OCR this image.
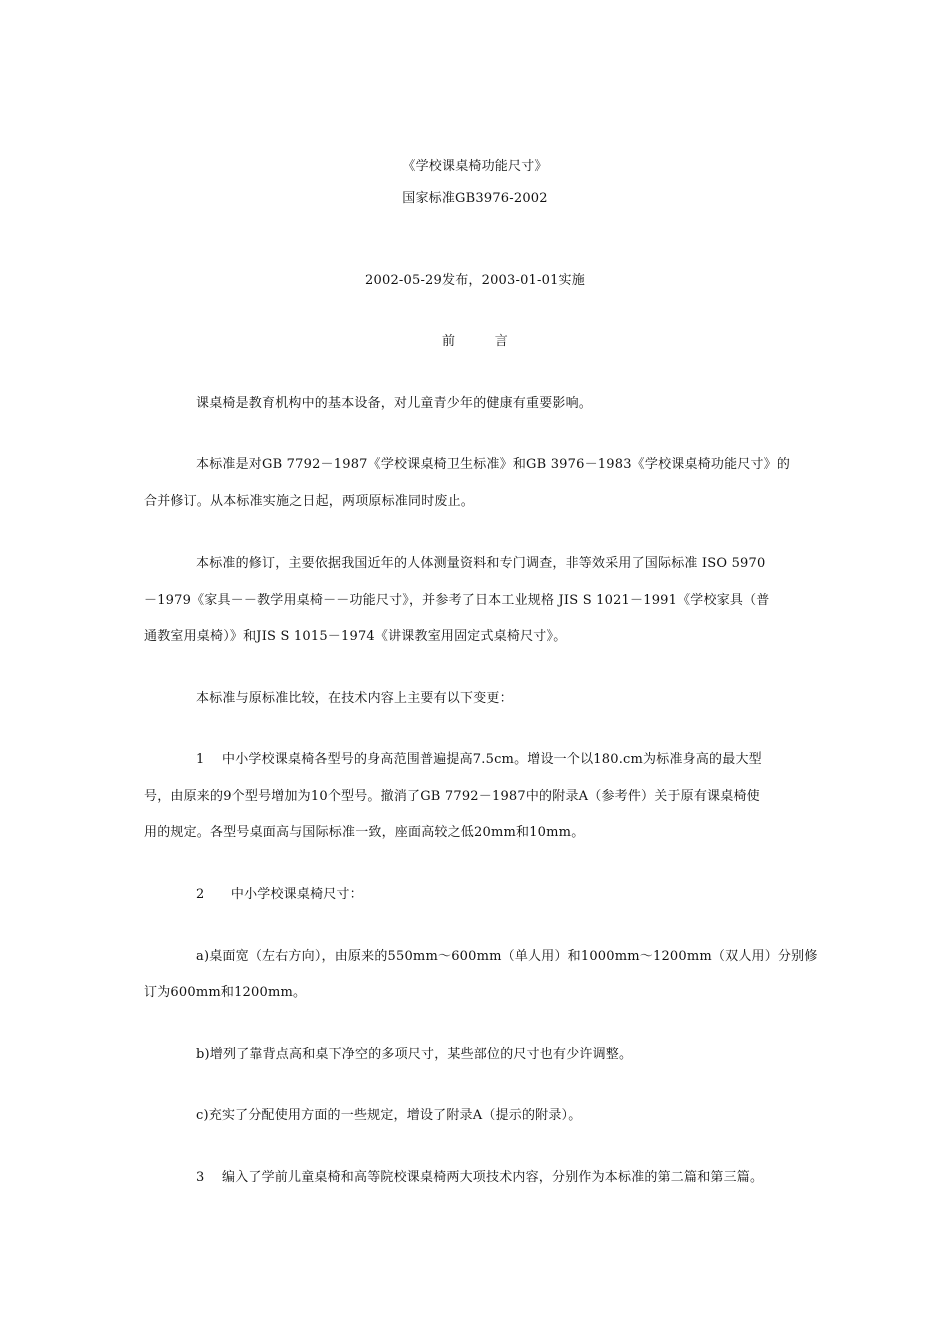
《学校课桌椅功能尺寸》
国家标准GB3976-2002
2002-05-29发布，2003-01-01实施
前　　　言
课桌椅是教育机构中的基本设备，对儿童青少年的健康有重要影响。
本标准是对GB 7792－1987《学校课桌椅卫生标准》和GB 3976－1983《学校课桌椅功能尺寸》的
合并修订。从本标准实施之日起，两项原标准同时废止。
本标准的修订，主要依据我国近年的人体测量资料和专门调查，非等效采用了国际标准 ISO 5970
－1979《家具－－教学用桌椅－－功能尺寸》，并参考了日本工业规格 JIS S 1021－1991《学校家具（普
通教室用桌椅）》和JIS S 1015－1974《讲课教室用固定式桌椅尺寸》。
本标准与原标准比较，在技术内容上主要有以下变更：
1　 中小学校课桌椅各型号的身高范围普遍提高7.5cm。增设一个以180.cm为标准身高的最大型
号，由原来的9个型号增加为10个型号。撤消了GB 7792－1987中的附录A（参考件）关于原有课桌椅使
用的规定。各型号桌面高与国际标准一致，座面高较之低20mm和10mm。
2　　中小学校课桌椅尺寸：
a)桌面宽（左右方向），由原来的550mm～600mm（单人用）和1000mm～1200mm（双人用）分别修
订为600mm和1200mm。
b)增列了靠背点高和桌下净空的多项尺寸，某些部位的尺寸也有少许调整。
c)充实了分配使用方面的一些规定，增设了附录A（提示的附录）。
3　 编入了学前儿童桌椅和高等院校课桌椅两大项技术内容，分别作为本标准的第二篇和第三篇。
